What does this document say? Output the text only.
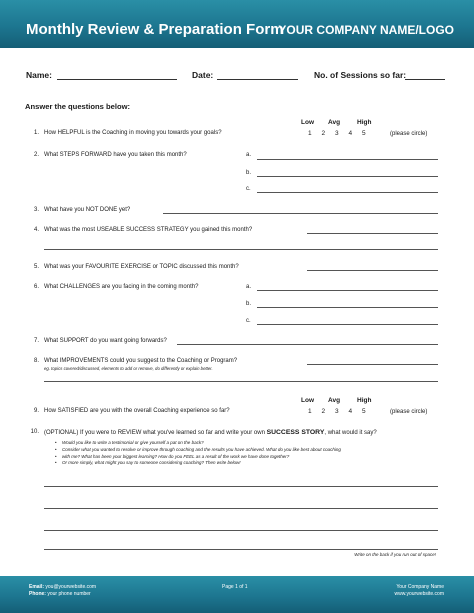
Monthly Review & Preparation Form
YOUR COMPANY NAME/LOGO
Name:	Date:	No. of Sessions so far:
Answer the questions below:
Low Avg	High
1. How HELPFUL is the Coaching in moving you towards your goals?	1 2 3 4 5	(please circle)
2. What STEPS FORWARD have you taken this month?	a.
b.
c.
3. What have you NOT DONE yet?
4. What was the most USEABLE SUCCESS STRATEGY you gained this month?
5. What was your FAVOURITE EXERCISE or TOPIC discussed this month?
6. What CHALLENGES are you facing in the coming month?	a.
b.
c.
7. What SUPPORT do you want going forwards?
8. What IMPROVEMENTS could you suggest to the Coaching or Program?
eg. topics covered/discussed, elements to add or remove, do differently or explain better.
Low Avg	High
9. How SATISFIED are you with the overall Coaching experience so far?	1 2 3 4 5	(please circle)
10. (OPTIONAL) If you were to REVIEW what you've learned so far and write your own SUCCESS STORY, what would it say?
• Would you like to write a testimonial or give yourself a pat on the back?
• Consider what you wanted to resolve or improve through coaching and the results you have achieved. What do you like best about coaching
• with me? What has been your biggest learning? How do you FEEL as a result of the work we have done together?
• Or more simply, what might you say to someone considering coaching? Then write below!
Write on the back if you run out of space!
Email: you@yourwebsite.com
Phone: your phone number
Page 1 of 1	Your Company Name
www.yourwebsite.com
